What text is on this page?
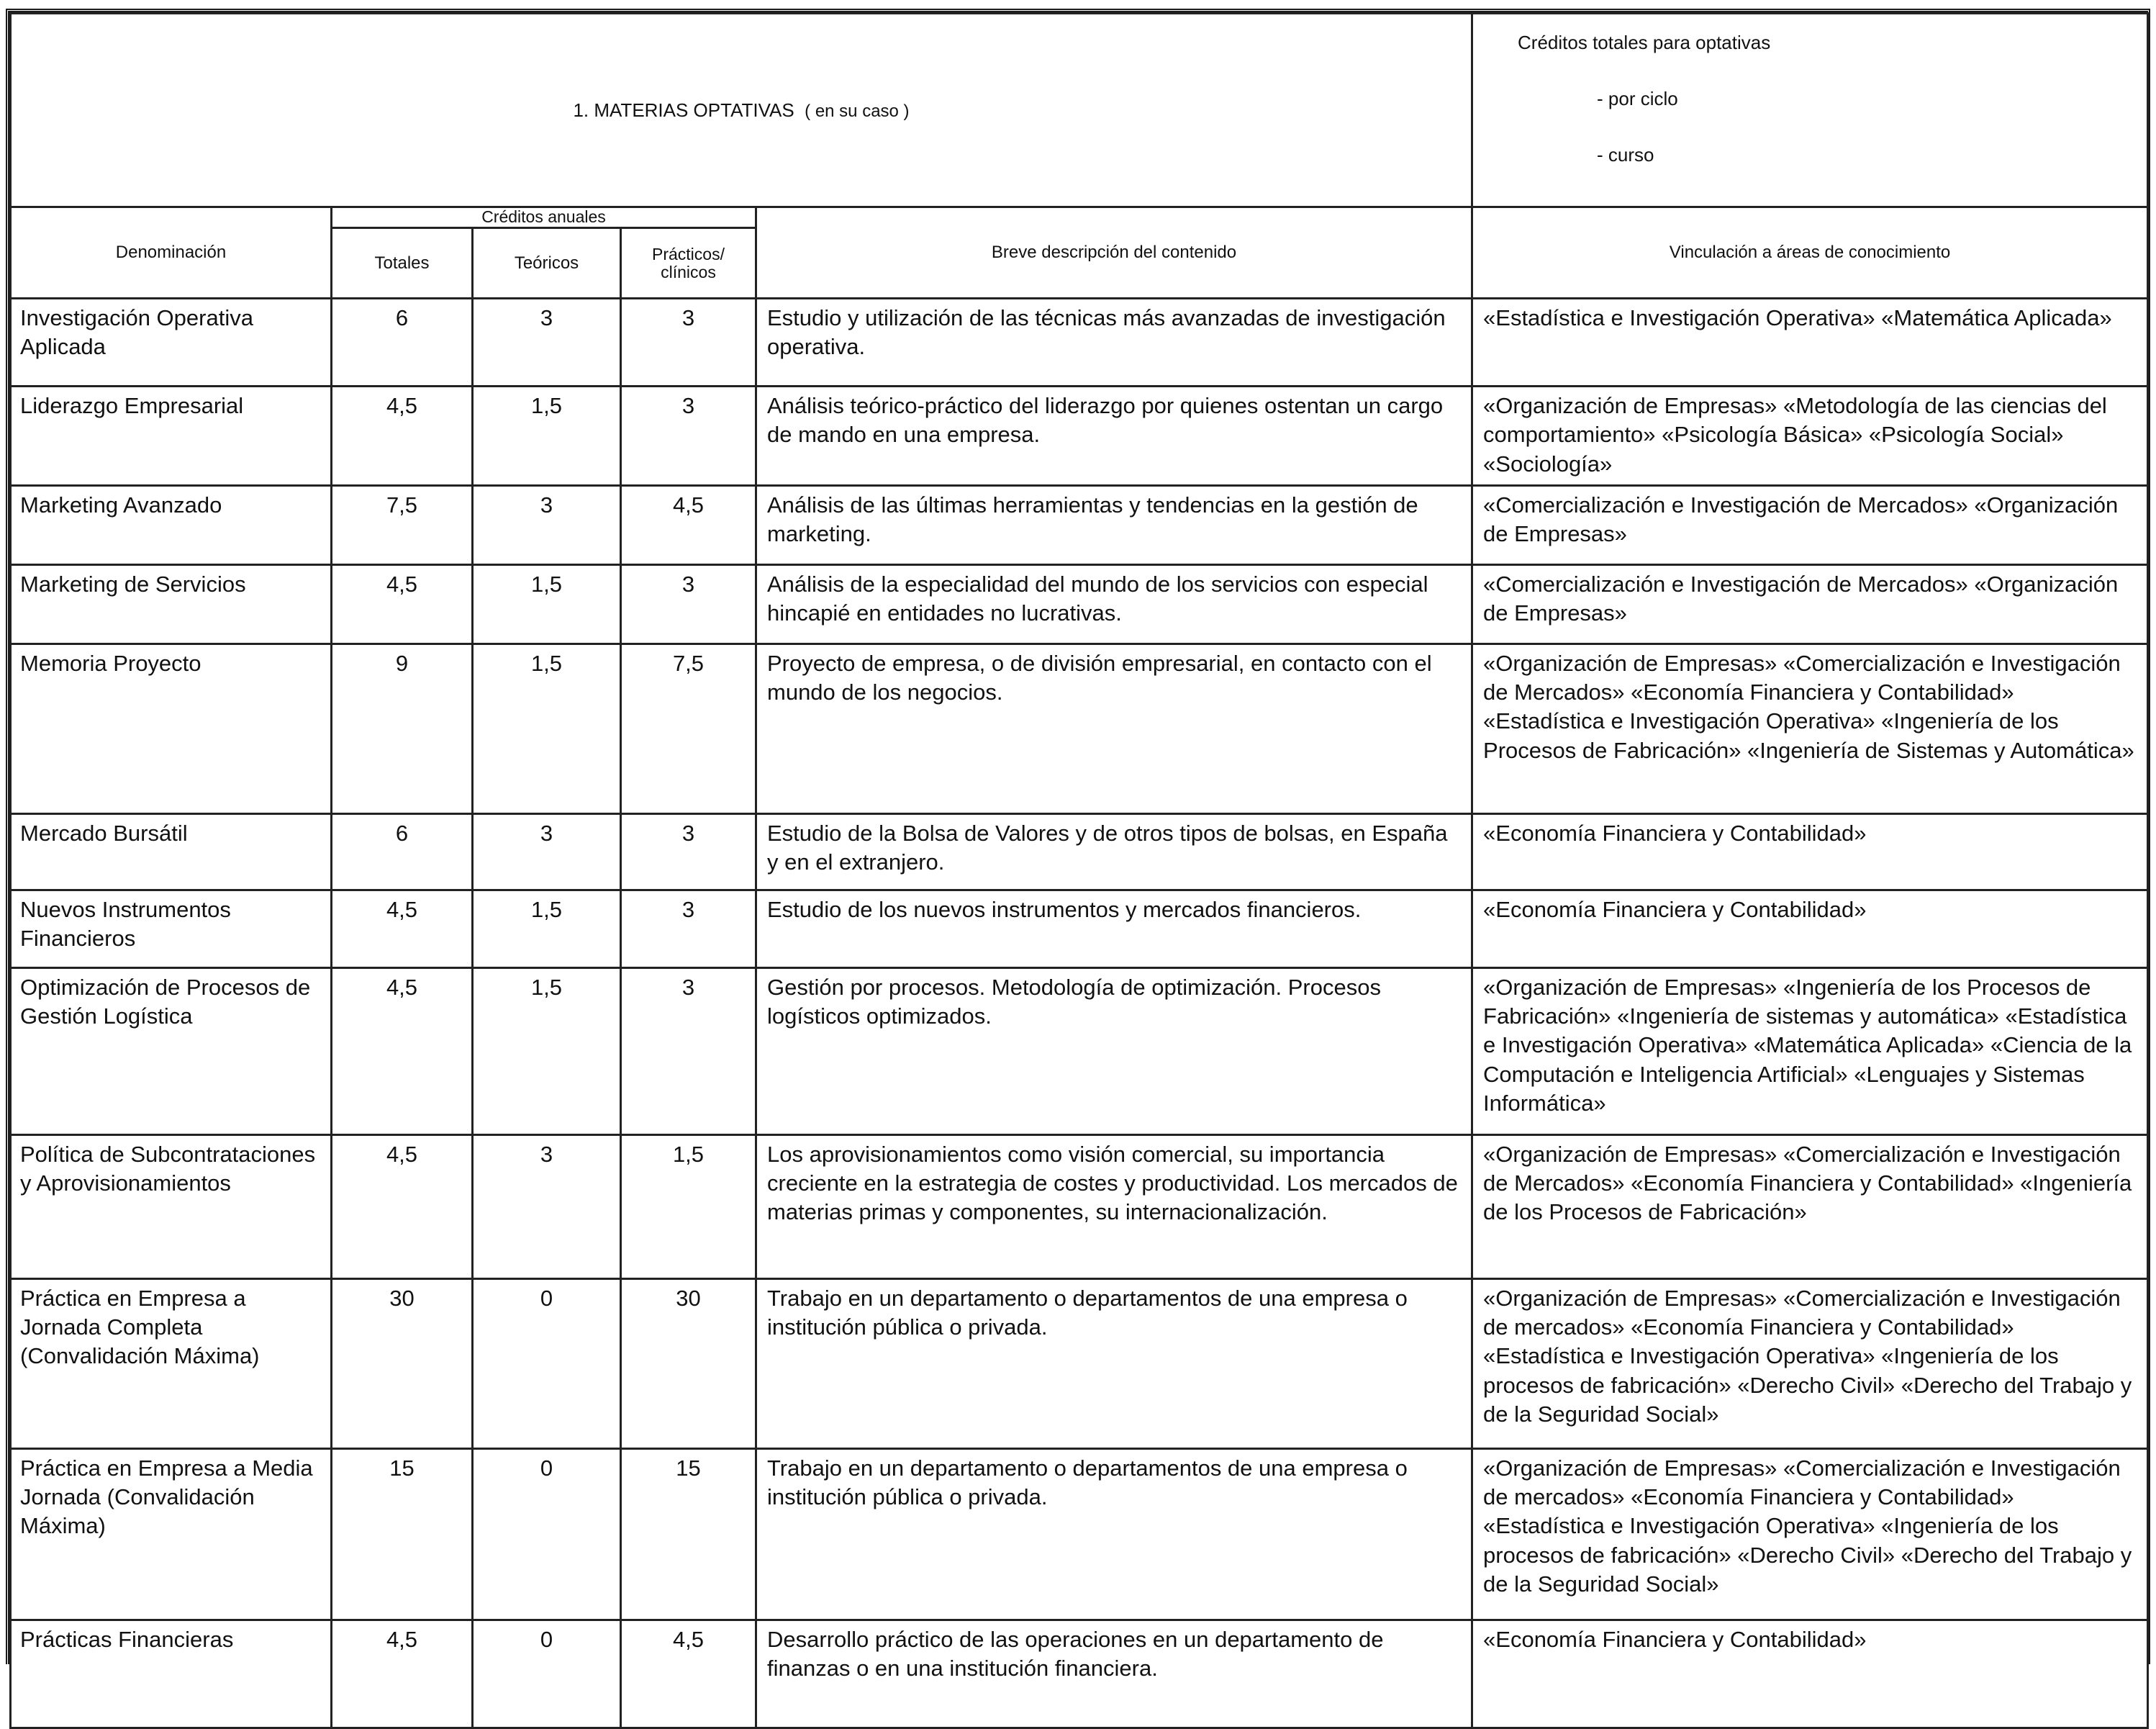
1. MATERIAS OPTATIVAS ( en su caso )					Créditos totales para optativas
- por ciclo
- curso

Denominación	Créditos anuales			Breve descripción del contenido	Vinculación a áreas de conocimiento
	Totales	Teóricos	Prácticos/
clínicos		
Investigación Operativa Aplicada	6	3	3	Estudio y utilización de las técnicas más avanzadas de investigación operativa.	«Estadística e Investigación Operativa» «Matemática Aplicada»
Liderazgo Empresarial	4,5	1,5	3	Análisis teórico-práctico del liderazgo por quienes ostentan un cargo de mando en una empresa.	«Organización de Empresas» «Metodología de las ciencias del comportamiento» «Psicología Básica» «Psicología Social» «Sociología»
Marketing Avanzado	7,5	3	4,5	Análisis de las últimas herramientas y tendencias en la gestión de marketing.	«Comercialización e Investigación de Mercados» «Organización de Empresas»
Marketing de Servicios	4,5	1,5	3	Análisis de la especialidad del mundo de los servicios con especial hincapié en entidades no lucrativas.	«Comercialización e Investigación de Mercados» «Organización de Empresas»
Memoria Proyecto	9	1,5	7,5	Proyecto de empresa, o de división empresarial, en contacto con el mundo de los negocios.	«Organización de Empresas» «Comercialización e Investigación de Mercados» «Economía Financiera y Contabilidad» «Estadística e Investigación Operativa» «Ingeniería de los Procesos de Fabricación» «Ingeniería de Sistemas y Automática»
Mercado Bursátil	6	3	3	Estudio de la Bolsa de Valores y de otros tipos de bolsas, en España y en el extranjero.	«Economía Financiera y Contabilidad»
Nuevos Instrumentos Financieros	4,5	1,5	3	Estudio de los nuevos instrumentos y mercados financieros.	«Economía Financiera y Contabilidad»
Optimización de Procesos de Gestión Logística	4,5	1,5	3	Gestión por procesos. Metodología de optimización. Procesos logísticos optimizados.	«Organización de Empresas» «Ingeniería de los Procesos de Fabricación» «Ingeniería de sistemas y automática» «Estadística e Investigación Operativa» «Matemática Aplicada» «Ciencia de la Computación e Inteligencia Artificial» «Lenguajes y Sistemas Informática»
Política de Subcontrataciones y Aprovisionamientos	4,5	3	1,5	Los aprovisionamientos como visión comercial, su importancia creciente en la estrategia de costes y productividad. Los mercados de materias primas y componentes, su internacionalización.	«Organización de Empresas» «Comercialización e Investigación de Mercados» «Economía Financiera y Contabilidad» «Ingeniería de los Procesos de Fabricación»
Práctica en Empresa a Jornada Completa (Convalidación Máxima)	30	0	30	Trabajo en un departamento o departamentos de una empresa o institución pública o privada.	«Organización de Empresas» «Comercialización e Investigación de mercados» «Economía Financiera y Contabilidad» «Estadística e Investigación Operativa» «Ingeniería de los procesos de fabricación» «Derecho Civil» «Derecho del Trabajo y de la Seguridad Social»
Práctica en Empresa a Media Jornada (Convalidación Máxima)	15	0	15	Trabajo en un departamento o departamentos de una empresa o institución pública o privada.	«Organización de Empresas» «Comercialización e Investigación de mercados» «Economía Financiera y Contabilidad» «Estadística e Investigación Operativa» «Ingeniería de los procesos de fabricación» «Derecho Civil» «Derecho del Trabajo y de la Seguridad Social»
Prácticas Financieras	4,5	0	4,5	Desarrollo práctico de las operaciones en un departamento de finanzas o en una institución financiera.	«Economía Financiera y Contabilidad»
